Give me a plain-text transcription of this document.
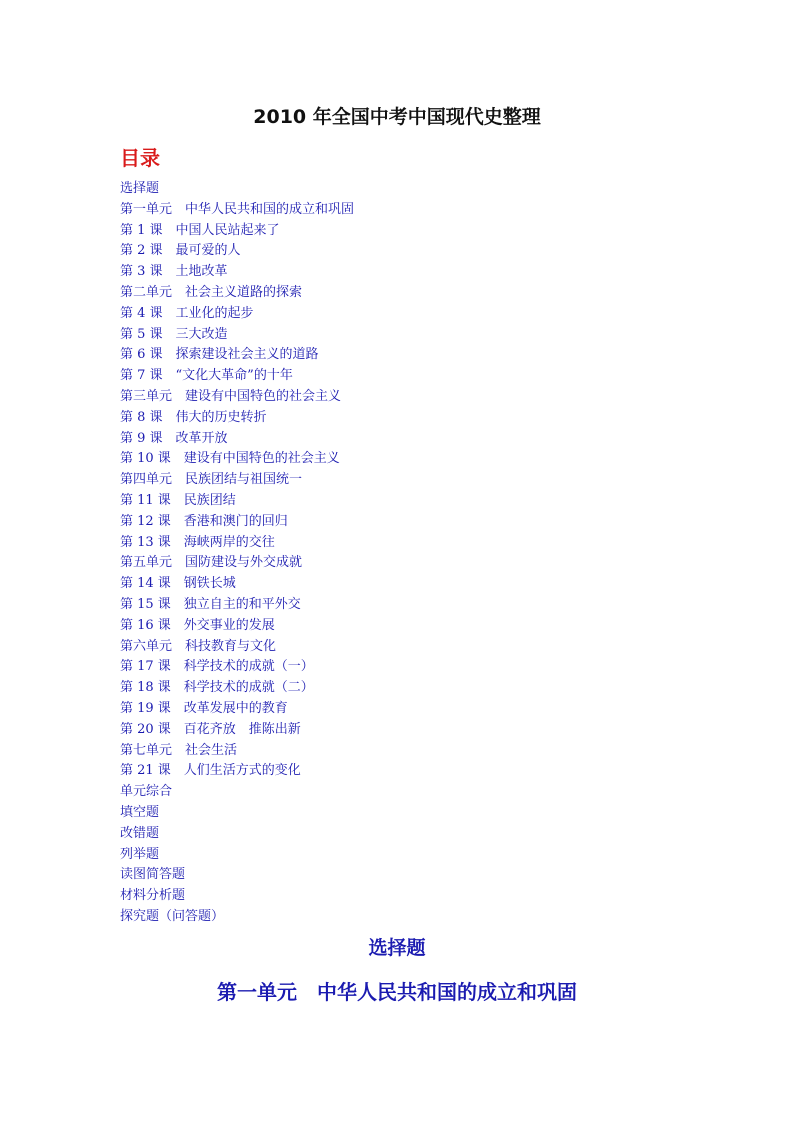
2010 年全国中考中国现代史整理
目录
选择题
第一单元　中华人民共和国的成立和巩固
第 1 课　中国人民站起来了
第 2 课　最可爱的人
第 3 课　土地改革
第二单元　社会主义道路的探索
第 4 课　工业化的起步
第 5 课　三大改造
第 6 课　探索建设社会主义的道路
第 7 课　“文化大革命”的十年
第三单元　建设有中国特色的社会主义
第 8 课　伟大的历史转折
第 9 课　改革开放
第 10 课　建设有中国特色的社会主义
第四单元　民族团结与祖国统一
第 11 课　民族团结
第 12 课　香港和澳门的回归
第 13 课　海峡两岸的交往
第五单元　国防建设与外交成就
第 14 课　钢铁长城
第 15 课　独立自主的和平外交
第 16 课　外交事业的发展
第六单元　科技教育与文化
第 17 课　科学技术的成就（一）
第 18 课　科学技术的成就（二）
第 19 课　改革发展中的教育
第 20 课　百花齐放　推陈出新
第七单元　社会生活
第 21 课　人们生活方式的变化
单元综合
填空题
改错题
列举题
读图简答题
材料分析题
探究题（问答题）
选择题
第一单元　中华人民共和国的成立和巩固
